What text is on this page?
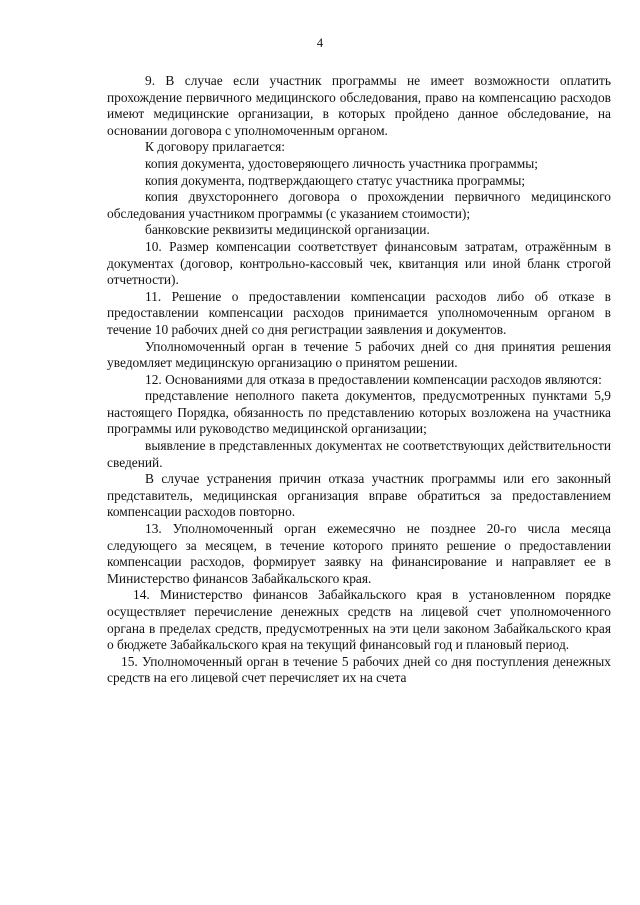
4

9. В случае если участник программы не имеет возможности оплатить прохождение первичного медицинского обследования, право на компенсацию расходов имеют медицинские организации, в которых пройдено данное обследование, на основании договора с уполномоченным органом.

К договору прилагается:

копия документа, удостоверяющего личность участника программы;

копия документа, подтверждающего статус участника программы;

копия двухстороннего договора о прохождении первичного медицинского обследования участником программы (с указанием стоимости);

банковские реквизиты медицинской организации.

10. Размер компенсации соответствует финансовым затратам, отражённым в документах (договор, контрольно-кассовый чек, квитанция или иной бланк строгой отчетности).

11. Решение о предоставлении компенсации расходов либо об отказе в предоставлении компенсации расходов принимается уполномоченным органом в течение 10 рабочих дней со дня регистрации заявления и документов.

Уполномоченный орган в течение 5 рабочих дней со дня принятия решения уведомляет медицинскую организацию о принятом решении.

12. Основаниями для отказа в предоставлении компенсации расходов являются:

представление неполного пакета документов, предусмотренных пунктами 5,9 настоящего Порядка, обязанность по представлению которых возложена на участника программы или руководство медицинской организации;

выявление в представленных документах не соответствующих действительности сведений.

В случае устранения причин отказа участник программы или его законный представитель, медицинская организация вправе обратиться за предоставлением компенсации расходов повторно.

13. Уполномоченный орган ежемесячно не позднее 20-го числа месяца следующего за месяцем, в течение которого принято решение о предоставлении компенсации расходов, формирует заявку на финансирование и направляет ее в Министерство финансов Забайкальского края.

14. Министерство финансов Забайкальского края в установленном порядке осуществляет перечисление денежных средств на лицевой счет уполномоченного органа в пределах средств, предусмотренных на эти цели законом Забайкальского края о бюджете Забайкальского края на текущий финансовый год и плановый период.

15. Уполномоченный орган в течение 5 рабочих дней со дня поступления денежных средств на его лицевой счет перечисляет их на счета
